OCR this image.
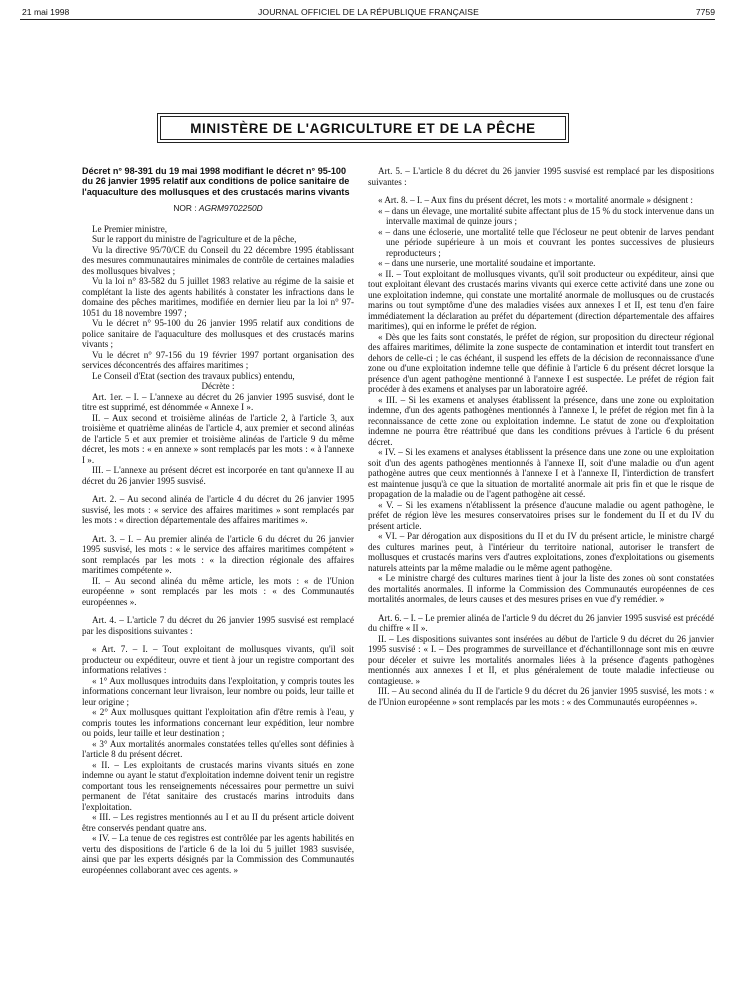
21 mai 1998	JOURNAL OFFICIEL DE LA RÉPUBLIQUE FRANÇAISE	7759
MINISTÈRE DE L'AGRICULTURE ET DE LA PÊCHE

Décret n° 98-391 du 19 mai 1998 modifiant le décret n° 95-100 du 26 janvier 1995 relatif aux conditions de police sanitaire de l'aquaculture des mollusques et des crustacés marins vivants

NOR : AGRM9702250D

Le Premier ministre,

Sur le rapport du ministre de l'agriculture et de la pêche,

Vu la directive 95/70/CE du Conseil du 22 décembre 1995 établissant des mesures communautaires minimales de contrôle de certaines maladies des mollusques bivalves ;

Vu la loi n° 83-582 du 5 juillet 1983 relative au régime de la saisie et complétant la liste des agents habilités à constater les infractions dans le domaine des pêches maritimes, modifiée en dernier lieu par la loi n° 97-1051 du 18 novembre 1997 ;

Vu le décret n° 95-100 du 26 janvier 1995 relatif aux conditions de police sanitaire de l'aquaculture des mollusques et des crustacés marins vivants ;

Vu le décret n° 97-156 du 19 février 1997 portant organisation des services déconcentrés des affaires maritimes ;

Le Conseil d'Etat (section des travaux publics) entendu,

Décrète :

Art. 1er. – I. – L'annexe au décret du 26 janvier 1995 susvisé, dont le titre est supprimé, est dénommée « Annexe I ».

II. – Aux second et troisième alinéas de l'article 2, à l'article 3, aux troisième et quatrième alinéas de l'article 4, aux premier et second alinéas de l'article 5 et aux premier et troisième alinéas de l'article 9 du même décret, les mots : « en annexe » sont remplacés par les mots : « à l'annexe I ».

III. – L'annexe au présent décret est incorporée en tant qu'annexe II au décret du 26 janvier 1995 susvisé.

Art. 2. – Au second alinéa de l'article 4 du décret du 26 janvier 1995 susvisé, les mots : « service des affaires maritimes » sont remplacés par les mots : « direction départementale des affaires maritimes ».

Art. 3. – I. – Au premier alinéa de l'article 6 du décret du 26 janvier 1995 susvisé, les mots : « le service des affaires maritimes compétent » sont remplacés par les mots : « la direction régionale des affaires maritimes compétente ».

II. – Au second alinéa du même article, les mots : « de l'Union européenne » sont remplacés par les mots : « des Communautés européennes ».

Art. 4. – L'article 7 du décret du 26 janvier 1995 susvisé est remplacé par les dispositions suivantes :

« Art. 7. – I. – Tout exploitant de mollusques vivants, qu'il soit producteur ou expéditeur, ouvre et tient à jour un registre comportant des informations relatives :

« 1° Aux mollusques introduits dans l'exploitation, y compris toutes les informations concernant leur livraison, leur nombre ou poids, leur taille et leur origine ;

« 2° Aux mollusques quittant l'exploitation afin d'être remis à l'eau, y compris toutes les informations concernant leur expédition, leur nombre ou poids, leur taille et leur destination ;

« 3° Aux mortalités anormales constatées telles qu'elles sont définies à l'article 8 du présent décret.

« II. – Les exploitants de crustacés marins vivants situés en zone indemne ou ayant le statut d'exploitation indemne doivent tenir un registre comportant tous les renseignements nécessaires pour permettre un suivi permanent de l'état sanitaire des crustacés marins introduits dans l'exploitation.

« III. – Les registres mentionnés au I et au II du présent article doivent être conservés pendant quatre ans.

« IV. – La tenue de ces registres est contrôlée par les agents habilités en vertu des dispositions de l'article 6 de la loi du 5 juillet 1983 susvisée, ainsi que par les experts désignés par la Commission des Communautés européennes collaborant avec ces agents. »

Art. 5. – L'article 8 du décret du 26 janvier 1995 susvisé est remplacé par les dispositions suivantes :

« Art. 8. – I. – Aux fins du présent décret, les mots : « mortalité anormale » désignent :

« – dans un élevage, une mortalité subite affectant plus de 15 % du stock intervenue dans un intervalle maximal de quinze jours ;

« – dans une écloserie, une mortalité telle que l'écloseur ne peut obtenir de larves pendant une période supérieure à un mois et couvrant les pontes successives de plusieurs reproducteurs ;

« – dans une nurserie, une mortalité soudaine et importante.

« II. – Tout exploitant de mollusques vivants, qu'il soit producteur ou expéditeur, ainsi que tout exploitant élevant des crustacés marins vivants qui exerce cette activité dans une zone ou une exploitation indemne, qui constate une mortalité anormale de mollusques ou de crustacés marins ou tout symptôme d'une des maladies visées aux annexes I et II, est tenu d'en faire immédiatement la déclaration au préfet du département (direction départementale des affaires maritimes), qui en informe le préfet de région.

« Dès que les faits sont constatés, le préfet de région, sur proposition du directeur régional des affaires maritimes, délimite la zone suspecte de contamination et interdit tout transfert en dehors de celle-ci ; le cas échéant, il suspend les effets de la décision de reconnaissance d'une zone ou d'une exploitation indemne telle que définie à l'article 6 du présent décret lorsque la présence d'un agent pathogène mentionné à l'annexe I est suspectée. Le préfet de région fait procéder à des examens et analyses par un laboratoire agréé.

« III. – Si les examens et analyses établissent la présence, dans une zone ou exploitation indemne, d'un des agents pathogènes mentionnés à l'annexe I, le préfet de région met fin à la reconnaissance de cette zone ou exploitation indemne. Le statut de zone ou d'exploitation indemne ne pourra être réattribué que dans les conditions prévues à l'article 6 du présent décret.

« IV. – Si les examens et analyses établissent la présence dans une zone ou une exploitation soit d'un des agents pathogènes mentionnés à l'annexe II, soit d'une maladie ou d'un agent pathogène autres que ceux mentionnés à l'annexe I et à l'annexe II, l'interdiction de transfert est maintenue jusqu'à ce que la situation de mortalité anormale ait pris fin et que le risque de propagation de la maladie ou de l'agent pathogène ait cessé.

« V. – Si les examens n'établissent la présence d'aucune maladie ou agent pathogène, le préfet de région lève les mesures conservatoires prises sur le fondement du II et du IV du présent article.

« VI. – Par dérogation aux dispositions du II et du IV du présent article, le ministre chargé des cultures marines peut, à l'intérieur du territoire national, autoriser le transfert de mollusques et crustacés marins vers d'autres exploitations, zones d'exploitations ou gisements naturels atteints par la même maladie ou le même agent pathogène.

« Le ministre chargé des cultures marines tient à jour la liste des zones où sont constatées des mortalités anormales. Il informe la Commission des Communautés européennes de ces mortalités anormales, de leurs causes et des mesures prises en vue d'y remédier. »

Art. 6. – I. – Le premier alinéa de l'article 9 du décret du 26 janvier 1995 susvisé est précédé du chiffre « II ».

II. – Les dispositions suivantes sont insérées au début de l'article 9 du décret du 26 janvier 1995 susvisé : « I. – Des programmes de surveillance et d'échantillonnage sont mis en œuvre pour déceler et suivre les mortalités anormales liées à la présence d'agents pathogènes mentionnés aux annexes I et II, et plus généralement de toute maladie infectieuse ou contagieuse. »

III. – Au second alinéa du II de l'article 9 du décret du 26 janvier 1995 susvisé, les mots : « de l'Union européenne » sont remplacés par les mots : « des Communautés européennes ».
